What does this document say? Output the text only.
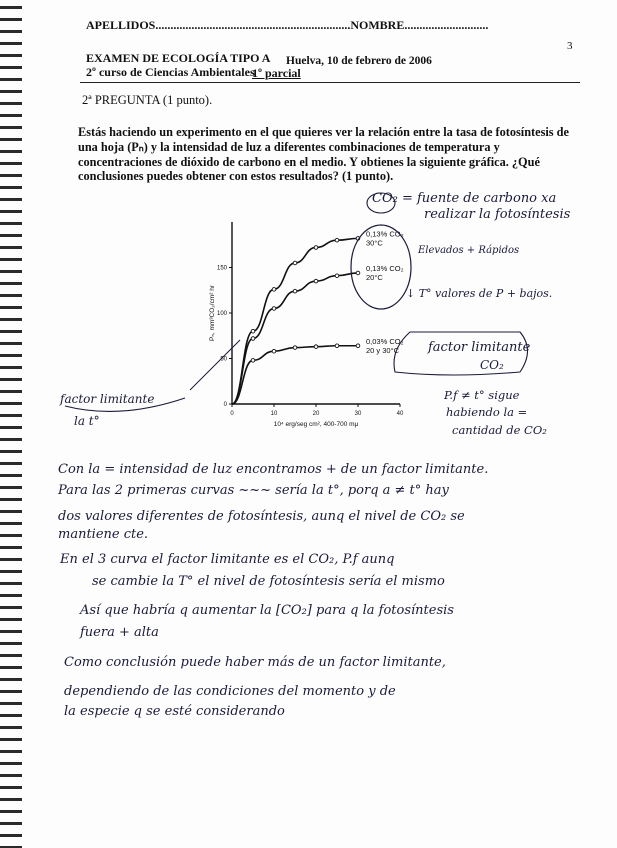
APELLIDOS.................................................................NOMBRE............................
3
EXAMEN DE ECOLOGÍA TIPO A Huelva, 10 de febrero de 2006
2º curso de Ciencias Ambientales
1º parcial
2ª PREGUNTA (1 punto).
Estás haciendo un experimento en el que quieres ver la relación entre la tasa de fotosíntesis de una hoja (Pₙ) y la intensidad de luz a diferentes combinaciones de temperatura y concentraciones de dióxido de carbono en el medio. Y obtienes la siguiente gráfica. ¿Qué conclusiones puedes obtener con estos resultados? (1 punto).
0	10	20	30	40
0
50
100
150
10⁴ erg/seg cm², 400-700 mμ
Pₙ, mm³CO₂/cm² hr
0,13% CO₂
30°C
0,13% CO₂
20°C
0,03% CO₂
20 y 30°C
CO₂ = fuente de carbono xa
realizar la fotosíntesis
Elevados + Rápidos
↓ T° valores de P + bajos.
factor limitante
CO₂
P.f ≠ t° sigue
habiendo la =
cantidad de CO₂
factor limitante
la t°
Con la = intensidad de luz encontramos + de un factor limitante.
Para las 2 primeras curvas ~~~ sería la t°, porq a ≠ t° hay
dos valores diferentes de fotosíntesis, aunq el nivel de CO₂ se
mantiene cte.
En el 3 curva el factor limitante es el CO₂, P.f aunq
se cambie la T° el nivel de fotosíntesis sería el mismo
Así que habría q aumentar la [CO₂] para q la fotosíntesis
fuera + alta
Como conclusión puede haber más de un factor limitante,
dependiendo de las condiciones del momento y de
la especie q se esté considerando
